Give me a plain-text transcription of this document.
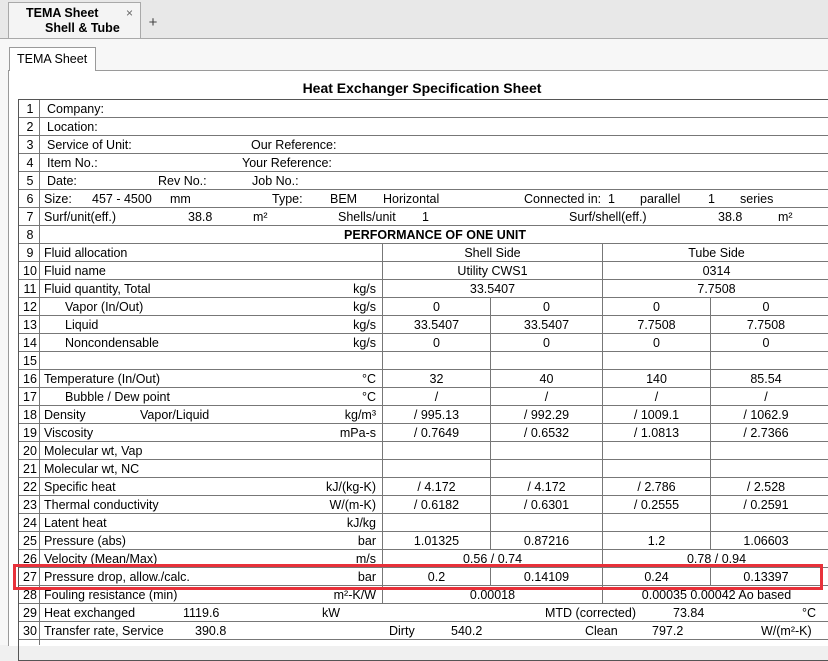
TEMA Sheet
Shell & Tube
×
+
TEMA Sheet
Heat Exchanger Specification Sheet
1	Company:
2	Location:
3	Service of Unit:	Our Reference:
4	Item No.:	Your Reference:
5	Date:	Rev No.:	Job No.:
6 Size: 457 - 4500 mm	Type: BEM Horizontal	Connected in: 1 parallel 1 series
7 Surf/unit(eff.)	38.8	m²	Shells/unit 1	Surf/shell(eff.)	38.8	m²
8	PERFORMANCE OF ONE UNIT
9 Fluid allocation	Shell Side	Tube Side
10 Fluid name	Utility CWS1	0314
11 Fluid quantity, Total	kg/s	33.5407	7.7508
12 Vapor (In/Out)	kg/s	0	0	0	0
13 Liquid	kg/s	33.5407	33.5407	7.7508	7.7508
14 Noncondensable	kg/s	0	0	0	0
15
16 Temperature (In/Out)	°C	32	40	140	85.54
17 Bubble / Dew point	°C	/	/	/	/
18 Density	Vapor/Liquid	kg/m³	/ 995.13	/ 992.29	/ 1009.1	/ 1062.9
19 Viscosity	mPa-s	/ 0.7649	/ 0.6532	/ 1.0813	/ 2.7366
20 Molecular wt, Vap
21 Molecular wt, NC
22 Specific heat	kJ/(kg-K)	/ 4.172	/ 4.172	/ 2.786	/ 2.528
23 Thermal conductivity	W/(m-K)	/ 0.6182	/ 0.6301	/ 0.2555	/ 0.2591
24 Latent heat	kJ/kg
25 Pressure (abs)	bar	1.01325	0.87216	1.2	1.06603
26 Velocity (Mean/Max)	m/s	0.56 / 0.74	0.78 / 0.94
27 Pressure drop, allow./calc.	bar	0.2	0.14109	0.24	0.13397
28 Fouling resistance (min)	m²-K/W	0.00018	0.00035 0.00042 Ao based
29 Heat exchanged	1119.6	kW	MTD (corrected)	73.84	°C
30 Transfer rate, Service	390.8	Dirty	540.2	Clean	797.2	W/(m²-K)
